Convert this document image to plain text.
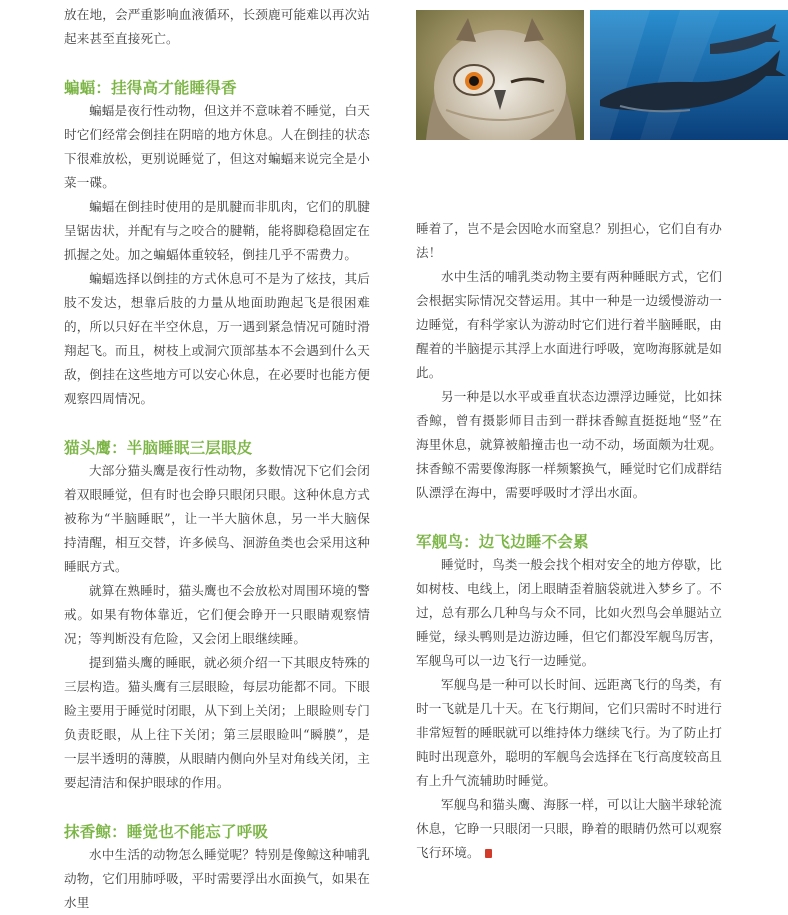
放在地，会严重影响血液循环，长颈鹿可能难以再次站起来甚至直接死亡。

蝙蝠：挂得高才能睡得香

蝙蝠是夜行性动物，但这并不意味着不睡觉，白天时它们经常会倒挂在阴暗的地方休息。人在倒挂的状态下很难放松，更别说睡觉了，但这对蝙蝠来说完全是小菜一碟。

蝙蝠在倒挂时使用的是肌腱而非肌肉，它们的肌腱呈锯齿状，并配有与之咬合的腱鞘，能将脚稳稳固定在抓握之处。加之蝙蝠体重较轻，倒挂几乎不需费力。

蝙蝠选择以倒挂的方式休息可不是为了炫技，其后肢不发达，想靠后肢的力量从地面助跑起飞是很困难的，所以只好在半空休息，万一遇到紧急情况可随时滑翔起飞。而且，树枝上或洞穴顶部基本不会遇到什么天敌，倒挂在这些地方可以安心休息，在必要时也能方便观察四周情况。

猫头鹰：半脑睡眠三层眼皮

大部分猫头鹰是夜行性动物，多数情况下它们会闭着双眼睡觉，但有时也会睁只眼闭只眼。这种休息方式被称为“半脑睡眠”，让一半大脑休息，另一半大脑保持清醒，相互交替，许多候鸟、洄游鱼类也会采用这种睡眠方式。

就算在熟睡时，猫头鹰也不会放松对周围环境的警戒。如果有物体靠近，它们便会睁开一只眼睛观察情况；等判断没有危险，又会闭上眼继续睡。

提到猫头鹰的睡眠，就必须介绍一下其眼皮特殊的三层构造。猫头鹰有三层眼睑，每层功能都不同。下眼睑主要用于睡觉时闭眼，从下到上关闭；上眼睑则专门负责眨眼，从上往下关闭；第三层眼睑叫“瞬膜”，是一层半透明的薄膜，从眼睛内侧向外呈对角线关闭，主要起清洁和保护眼球的作用。

抹香鲸：睡觉也不能忘了呼吸

水中生活的动物怎么睡觉呢？特别是像鲸这种哺乳动物，它们用肺呼吸，平时需要浮出水面换气，如果在水里

睡着了，岂不是会因呛水而窒息？别担心，它们自有办法！

水中生活的哺乳类动物主要有两种睡眠方式，它们会根据实际情况交替运用。其中一种是一边缓慢游动一边睡觉，有科学家认为游动时它们进行着半脑睡眠，由醒着的半脑提示其浮上水面进行呼吸，宽吻海豚就是如此。

另一种是以水平或垂直状态边漂浮边睡觉，比如抹香鲸，曾有摄影师目击到一群抹香鲸直挺挺地“竖”在海里休息，就算被船撞击也一动不动，场面颇为壮观。抹香鲸不需要像海豚一样频繁换气，睡觉时它们成群结队漂浮在海中，需要呼吸时才浮出水面。

军舰鸟：边飞边睡不会累

睡觉时，鸟类一般会找个相对安全的地方停歇，比如树枝、电线上，闭上眼睛歪着脑袋就进入梦乡了。不过，总有那么几种鸟与众不同，比如火烈鸟会单腿站立睡觉，绿头鸭则是边游边睡，但它们都没军舰鸟厉害，军舰鸟可以一边飞行一边睡觉。

军舰鸟是一种可以长时间、远距离飞行的鸟类，有时一飞就是几十天。在飞行期间，它们只需时不时进行非常短暂的睡眠就可以维持体力继续飞行。为了防止打盹时出现意外，聪明的军舰鸟会选择在飞行高度较高且有上升气流辅助时睡觉。

军舰鸟和猫头鹰、海豚一样，可以让大脑半球轮流休息，它睁一只眼闭一只眼，睁着的眼睛仍然可以观察飞行环境。
